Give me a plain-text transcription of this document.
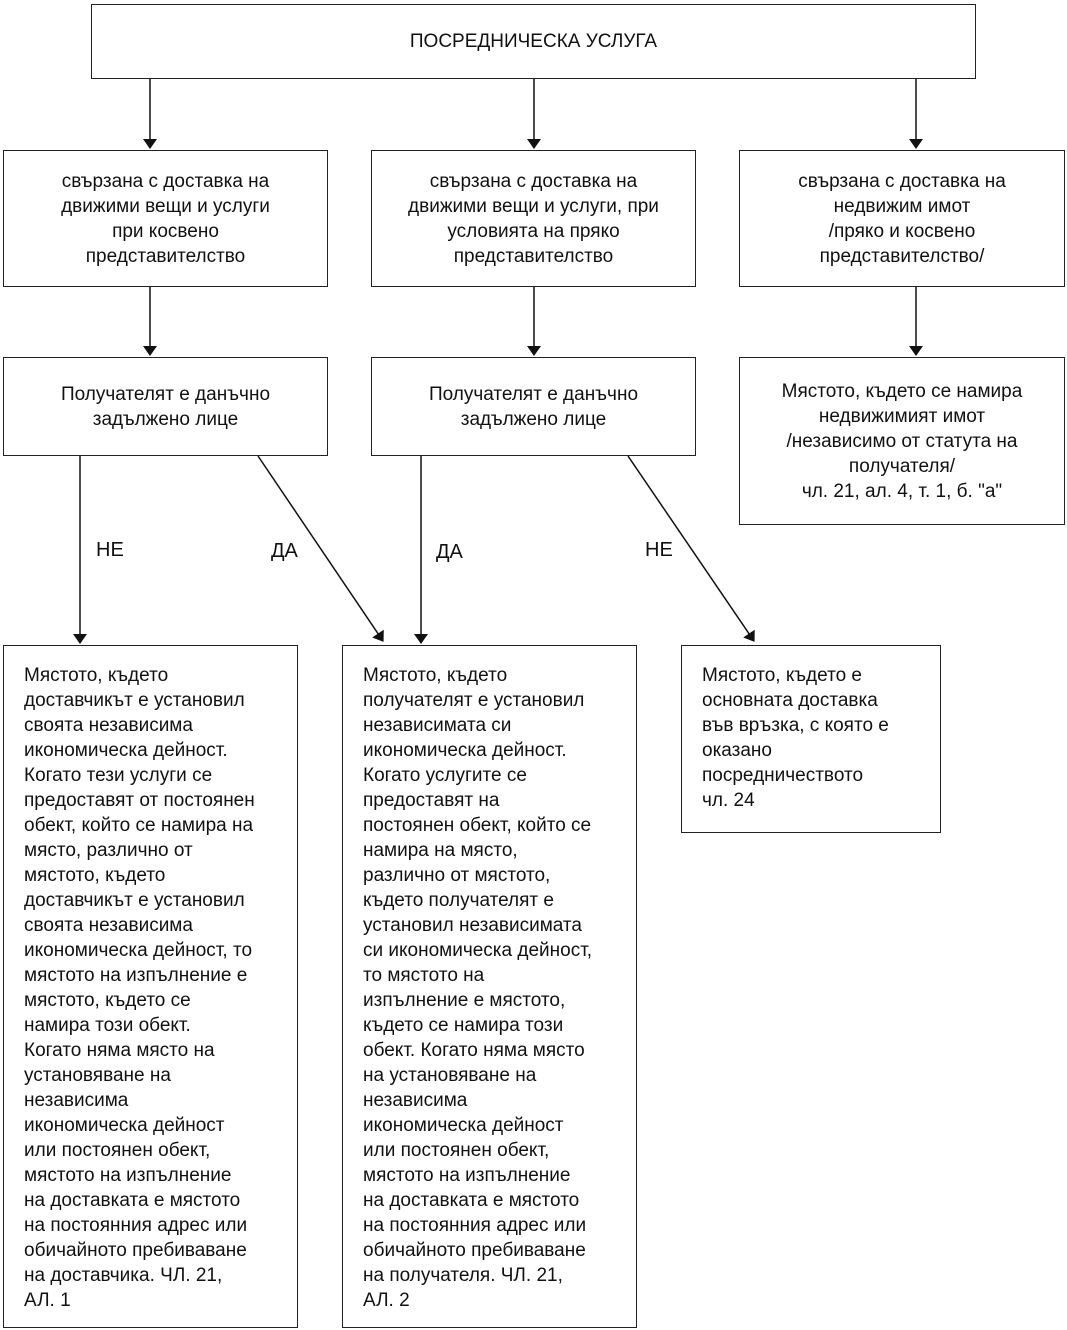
ПОСРЕДНИЧЕСКА УСЛУГА
свързана с доставка на
движими вещи и услуги
при косвено
представителство
свързана с доставка на
движими вещи и услуги, при
условията на пряко
представителство
свързана с доставка на
недвижим имот
/пряко и косвено
представителство/
Получателят е данъчно
задължено лице
Получателят е данъчно
задължено лице
Мястото, където се намира
недвижимият имот
/независимо от статута на
получателя/
чл. 21, ал. 4, т. 1, б. "а"
НЕ	ДА	ДА	НЕ
Мястото, където
доставчикът е установил
своята независима
икономическа дейност.
Когато тези услуги се
предоставят от постоянен
обект, който се намира на
място, различно от
мястото, където
доставчикът е установил
своята независима
икономическа дейност, то
мястото на изпълнение е
мястото, където се
намира този обект.
Когато няма място на
установяване на
независима
икономическа дейност
или постоянен обект,
мястото на изпълнение
на доставката е мястото
на постоянния адрес или
обичайното пребиваване
на доставчика. ЧЛ. 21,
АЛ. 1
Мястото, където
получателят е установил
независимата си
икономическа дейност.
Когато услугите се
предоставят на
постоянен обект, който се
намира на място,
различно от мястото,
където получателят е
установил независимата
си икономическа дейност,
то мястото на
изпълнение е мястото,
където се намира този
обект. Когато няма място
на установяване на
независима
икономическа дейност
или постоянен обект,
мястото на изпълнение
на доставката е мястото
на постоянния адрес или
обичайното пребиваване
на получателя. ЧЛ. 21,
АЛ. 2
Мястото, където е
основната доставка
във връзка, с която е
оказано
посредничеството
чл. 24
